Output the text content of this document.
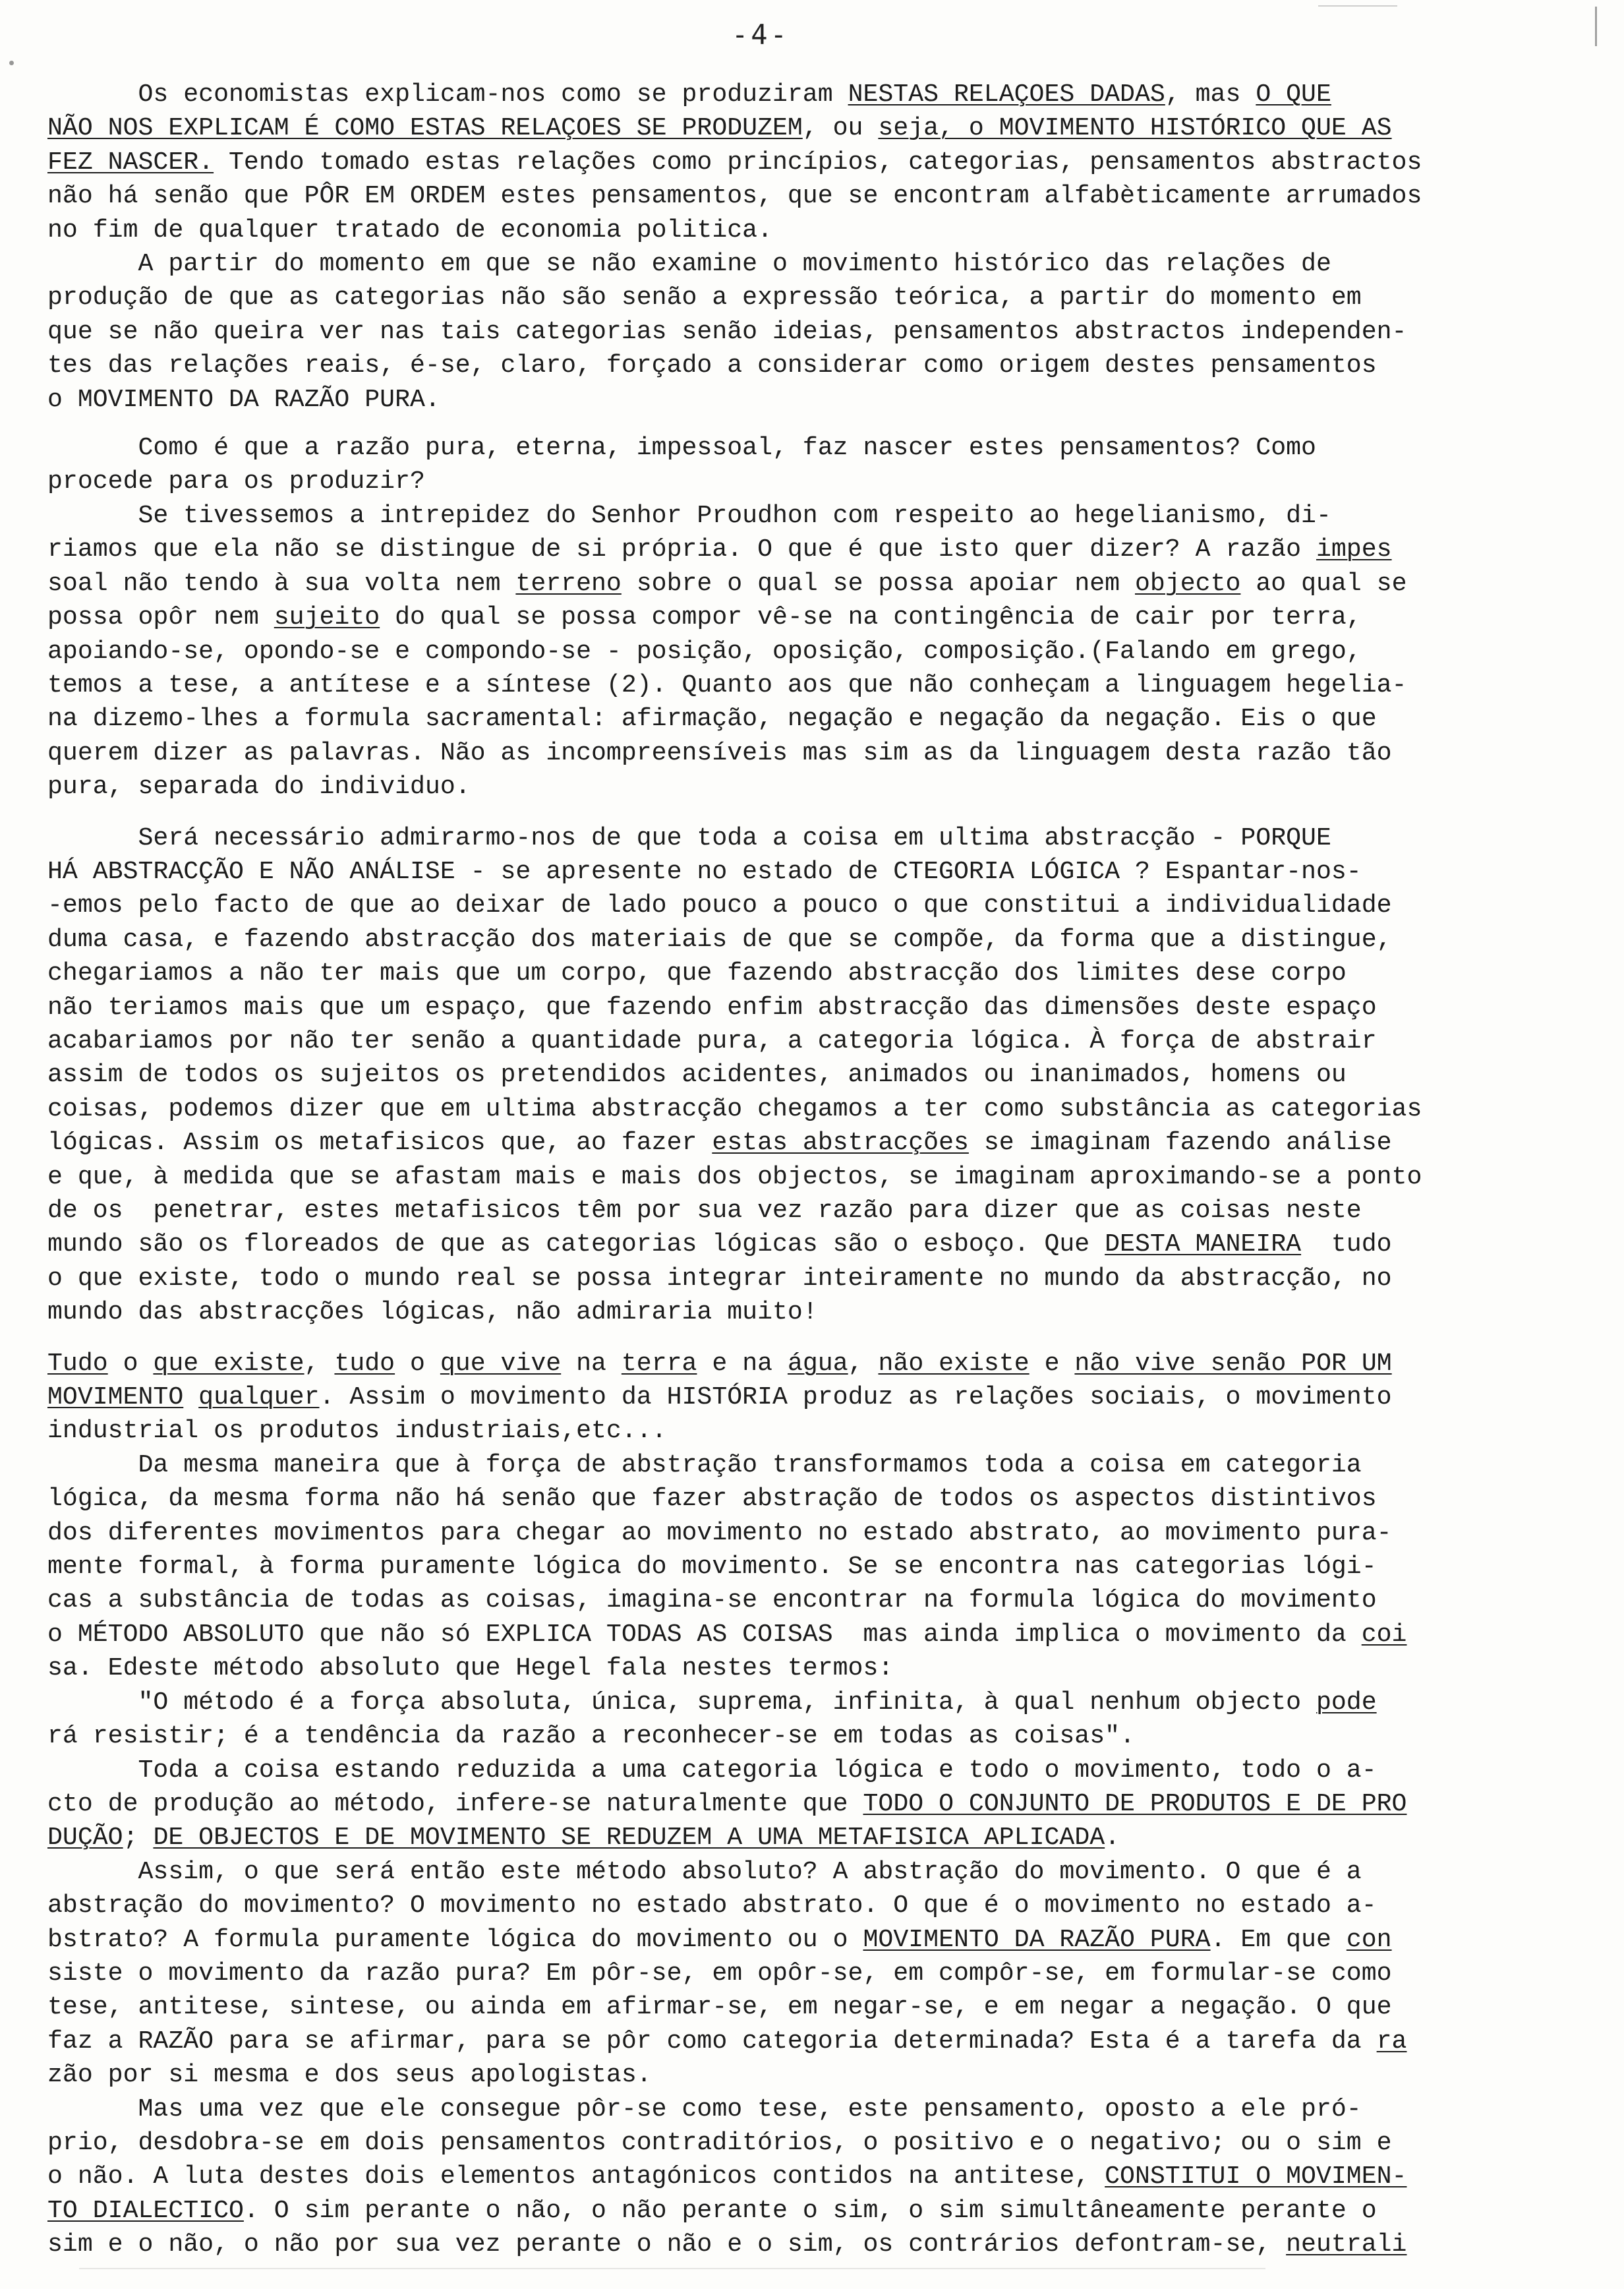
-4-
Os economistas explicam-nos como se produziram NESTAS RELAÇOES DADAS, mas O QUE
NÃO NOS EXPLICAM É COMO ESTAS RELAÇOES SE PRODUZEM, ou seja, o MOVIMENTO HISTÓRICO QUE AS
FEZ NASCER. Tendo tomado estas relações como princípios, categorias, pensamentos abstractos
não há senão que PÔR EM ORDEM estes pensamentos, que se encontram alfabèticamente arrumados
no fim de qualquer tratado de economia politica.
A partir do momento em que se não examine o movimento histórico das relações de
produção de que as categorias não são senão a expressão teórica, a partir do momento em
que se não queira ver nas tais categorias senão ideias, pensamentos abstractos independen-
tes das relações reais, é-se, claro, forçado a considerar como origem destes pensamentos
o MOVIMENTO DA RAZÃO PURA.
Como é que a razão pura, eterna, impessoal, faz nascer estes pensamentos? Como
procede para os produzir?
Se tivessemos a intrepidez do Senhor Proudhon com respeito ao hegelianismo, di-
riamos que ela não se distingue de si própria. O que é que isto quer dizer? A razão impes
soal não tendo à sua volta nem terreno sobre o qual se possa apoiar nem objecto ao qual se
possa opôr nem sujeito do qual se possa compor vê-se na contingência de cair por terra,
apoiando-se, opondo-se e compondo-se - posição, oposição, composição.(Falando em grego,
temos a tese, a antítese e a síntese (2). Quanto aos que não conheçam a linguagem hegelia-
na dizemo-lhes a formula sacramental: afirmação, negação e negação da negação. Eis o que
querem dizer as palavras. Não as incompreensíveis mas sim as da linguagem desta razão tão
pura, separada do individuo.
Será necessário admirarmo-nos de que toda a coisa em ultima abstracção - PORQUE
HÁ ABSTRACÇÃO E NÃO ANÁLISE - se apresente no estado de CTEGORIA LÓGICA ? Espantar-nos-
-emos pelo facto de que ao deixar de lado pouco a pouco o que constitui a individualidade
duma casa, e fazendo abstracção dos materiais de que se compõe, da forma que a distingue,
chegariamos a não ter mais que um corpo, que fazendo abstracção dos limites dese corpo
não teriamos mais que um espaço, que fazendo enfim abstracção das dimensões deste espaço
acabariamos por não ter senão a quantidade pura, a categoria lógica. À força de abstrair
assim de todos os sujeitos os pretendidos acidentes, animados ou inanimados, homens ou
coisas, podemos dizer que em ultima abstracção chegamos a ter como substância as categorias
lógicas. Assim os metafisicos que, ao fazer estas abstracções se imaginam fazendo análise
e que, à medida que se afastam mais e mais dos objectos, se imaginam aproximando-se a ponto
de os  penetrar, estes metafisicos têm por sua vez razão para dizer que as coisas neste
mundo são os floreados de que as categorias lógicas são o esboço. Que DESTA MANEIRA  tudo
o que existe, todo o mundo real se possa integrar inteiramente no mundo da abstracção, no
mundo das abstracções lógicas, não admiraria muito!
Tudo o que existe, tudo o que vive na terra e na água, não existe e não vive senão POR UM
MOVIMENTO qualquer. Assim o movimento da HISTÓRIA produz as relações sociais, o movimento
industrial os produtos industriais,etc...
Da mesma maneira que à força de abstração transformamos toda a coisa em categoria
lógica, da mesma forma não há senão que fazer abstração de todos os aspectos distintivos
dos diferentes movimentos para chegar ao movimento no estado abstrato, ao movimento pura-
mente formal, à forma puramente lógica do movimento. Se se encontra nas categorias lógi-
cas a substância de todas as coisas, imagina-se encontrar na formula lógica do movimento
o MÉTODO ABSOLUTO que não só EXPLICA TODAS AS COISAS  mas ainda implica o movimento da coi
sa. Edeste método absoluto que Hegel fala nestes termos:
"O método é a força absoluta, única, suprema, infinita, à qual nenhum objecto pode
rá resistir; é a tendência da razão a reconhecer-se em todas as coisas".
Toda a coisa estando reduzida a uma categoria lógica e todo o movimento, todo o a-
cto de produção ao método, infere-se naturalmente que TODO O CONJUNTO DE PRODUTOS E DE PRO
DUÇÃO; DE OBJECTOS E DE MOVIMENTO SE REDUZEM A UMA METAFISICA APLICADA.
Assim, o que será então este método absoluto? A abstração do movimento. O que é a
abstração do movimento? O movimento no estado abstrato. O que é o movimento no estado a-
bstrato? A formula puramente lógica do movimento ou o MOVIMENTO DA RAZÃO PURA. Em que con
siste o movimento da razão pura? Em pôr-se, em opôr-se, em compôr-se, em formular-se como
tese, antitese, sintese, ou ainda em afirmar-se, em negar-se, e em negar a negação. O que
faz a RAZÃO para se afirmar, para se pôr como categoria determinada? Esta é a tarefa da ra
zão por si mesma e dos seus apologistas.
Mas uma vez que ele consegue pôr-se como tese, este pensamento, oposto a ele pró-
prio, desdobra-se em dois pensamentos contraditórios, o positivo e o negativo; ou o sim e
o não. A luta destes dois elementos antagónicos contidos na antitese, CONSTITUI O MOVIMEN-
TO DIALECTICO. O sim perante o não, o não perante o sim, o sim simultâneamente perante o
sim e o não, o não por sua vez perante o não e o sim, os contrários defontram-se, neutrali
